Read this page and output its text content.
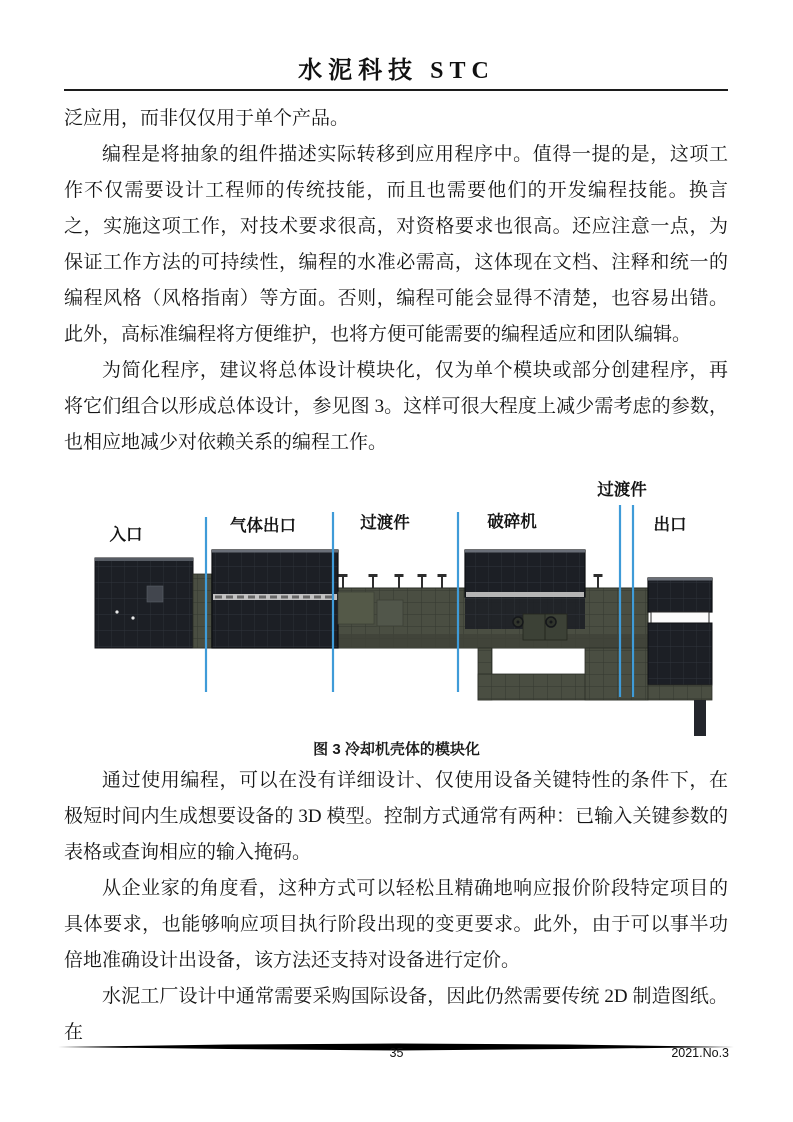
水泥科技 STC

泛应用，而非仅仅用于单个产品。

编程是将抽象的组件描述实际转移到应用程序中。值得一提的是，这项工作不仅需要设计工程师的传统技能，而且也需要他们的开发编程技能。换言之，实施这项工作，对技术要求很高，对资格要求也很高。还应注意一点，为保证工作方法的可持续性，编程的水准必需高，这体现在文档、注释和统一的编程风格（风格指南）等方面。否则，编程可能会显得不清楚，也容易出错。此外，高标准编程将方便维护，也将方便可能需要的编程适应和团队编辑。

为简化程序，建议将总体设计模块化，仅为单个模块或部分创建程序，再将它们组合以形成总体设计，参见图 3。这样可很大程度上减少需考虑的参数，也相应地减少对依赖关系的编程工作。

入口	气体出口	过渡件	破碎机
过渡件
出口
图 3 冷却机壳体的模块化

通过使用编程，可以在没有详细设计、仅使用设备关键特性的条件下，在极短时间内生成想要设备的 3D 模型。控制方式通常有两种：已输入关键参数的表格或查询相应的输入掩码。

从企业家的角度看，这种方式可以轻松且精确地响应报价阶段特定项目的具体要求，也能够响应项目执行阶段出现的变更要求。此外，由于可以事半功倍地准确设计出设备，该方法还支持对设备进行定价。

水泥工厂设计中通常需要采购国际设备，因此仍然需要传统 2D 制造图纸。在

35	2021.No.3
